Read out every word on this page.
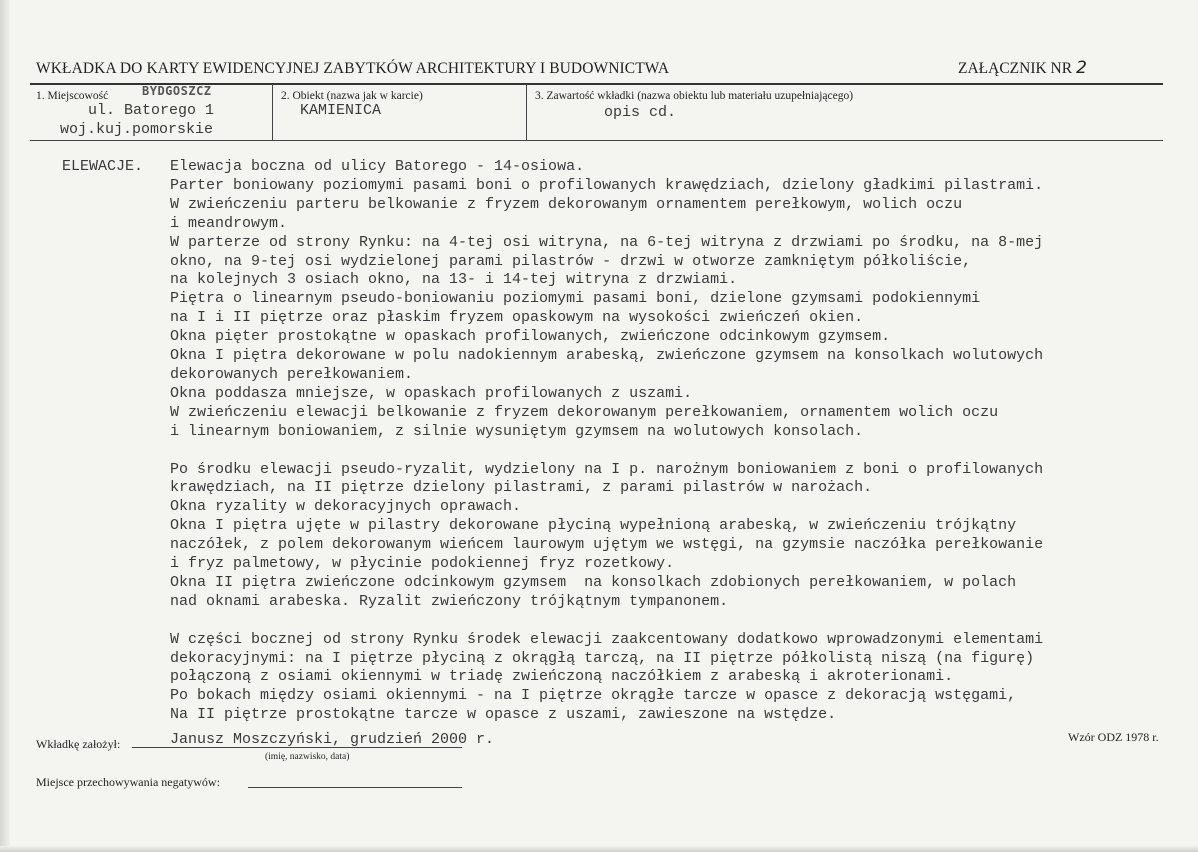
WKŁADKA DO KARTY EWIDENCYJNEJ ZABYTKÓW ARCHITEKTURY I BUDOWNICTWA	ZAŁĄCZNIK NR 2
1. Miejscowość	BYDGOSZCZ
ul. Batorego 1
woj.kuj.pomorskie
2. Obiekt (nazwa jak w karcie)
KAMIENICA
3. Zawartość wkładki (nazwa obiektu lub materiału uzupełniającego)
opis cd.
ELEWACJE. Elewacja boczna od ulicy Batorego - 14-osiowa.
Parter boniowany poziomymi pasami boni o profilowanych krawędziach, dzielony gładkimi pilastrami.
W zwieńczeniu parteru belkowanie z fryzem dekorowanym ornamentem perełkowym, wolich oczu
i meandrowym.
W parterze od strony Rynku: na 4-tej osi witryna, na 6-tej witryna z drzwiami po środku, na 8-mej
okno, na 9-tej osi wydzielonej parami pilastrów - drzwi w otworze zamkniętym półkoliście,
na kolejnych 3 osiach okno, na 13- i 14-tej witryna z drzwiami.
Piętra o linearnym pseudo-boniowaniu poziomymi pasami boni, dzielone gzymsami podokiennymi
na I i II piętrze oraz płaskim fryzem opaskowym na wysokości zwieńczeń okien.
Okna pięter prostokątne w opaskach profilowanych, zwieńczone odcinkowym gzymsem.
Okna I piętra dekorowane w polu nadokiennym arabeską, zwieńczone gzymsem na konsolkach wolutowych
dekorowanych perełkowaniem.
Okna poddasza mniejsze, w opaskach profilowanych z uszami.
W zwieńczeniu elewacji belkowanie z fryzem dekorowanym perełkowaniem, ornamentem wolich oczu
i linearnym boniowaniem, z silnie wysuniętym gzymsem na wolutowych konsolach.

Po środku elewacji pseudo-ryzalit, wydzielony na I p. narożnym boniowaniem z boni o profilowanych
krawędziach, na II piętrze dzielony pilastrami, z parami pilastrów w narożach.
Okna ryzality w dekoracyjnych oprawach.
Okna I piętra ujęte w pilastry dekorowane płyciną wypełnioną arabeską, w zwieńczeniu trójkątny
naczółek, z polem dekorowanym wieńcem laurowym ujętym we wstęgi, na gzymsie naczółka perełkowanie
i fryz palmetowy, w płycinie podokiennej fryz rozetkowy.
Okna II piętra zwieńczone odcinkowym gzymsem  na konsolkach zdobionych perełkowaniem, w polach
nad oknami arabeska. Ryzalit zwieńczony trójkątnym tympanonem.

W części bocznej od strony Rynku środek elewacji zaakcentowany dodatkowo wprowadzonymi elementami
dekoracyjnymi: na I piętrze płyciną z okrągłą tarczą, na II piętrze półkolistą niszą (na figurę)
połączoną z osiami okiennymi w triadę zwieńczoną naczółkiem z arabeską i akroterionami.
Po bokach między osiami okiennymi - na I piętrze okrągłe tarcze w opasce z dekoracją wstęgami,
Na II piętrze prostokątne tarcze w opasce z uszami, zawieszone na wstędze.
Wkładkę założył:	Janusz Moszczyński, grudzień 2000 r.
(imię, nazwisko, data)
Wzór ODZ 1978 r.
Miejsce przechowywania negatywów:
